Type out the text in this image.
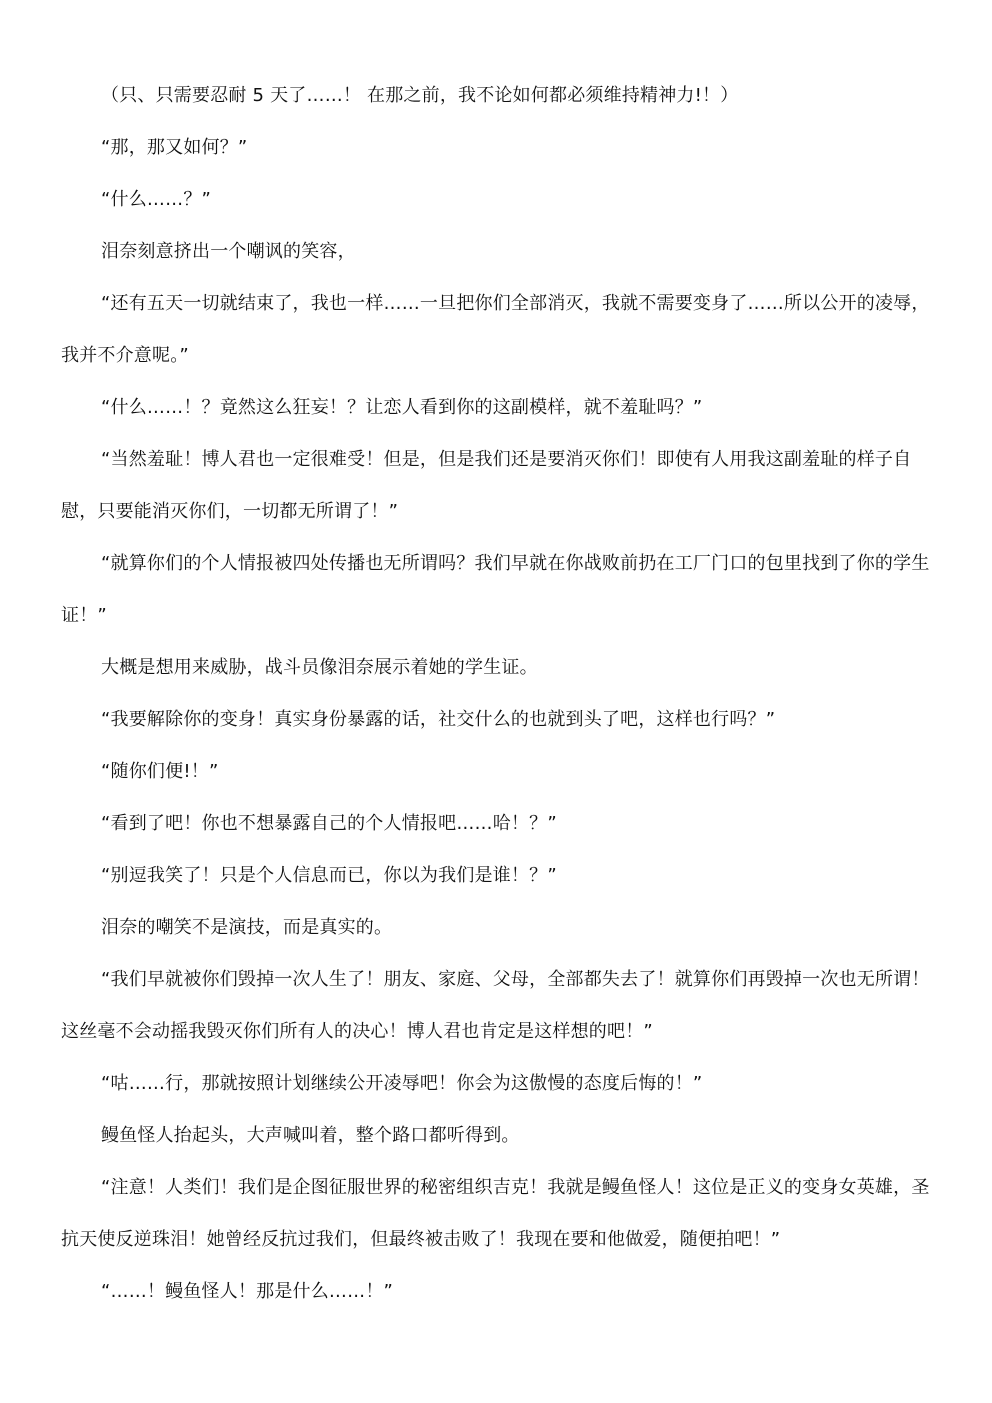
（只、只需要忍耐 5 天了……！ 在那之前，我不论如何都必须维持精神力!！）

“那，那又如何？”

“什么……？”

泪奈刻意挤出一个嘲讽的笑容，

“还有五天一切就结束了，我也一样……一旦把你们全部消灭，我就不需要变身了……所以公开的凌辱，我并不介意呢。”

“什么……！？竟然这么狂妄！？让恋人看到你的这副模样，就不羞耻吗？”

“当然羞耻！博人君也一定很难受！但是，但是我们还是要消灭你们！即使有人用我这副羞耻的样子自慰，只要能消灭你们，一切都无所谓了！”

“就算你们的个人情报被四处传播也无所谓吗？我们早就在你战败前扔在工厂门口的包里找到了你的学生证！”

大概是想用来威胁，战斗员像泪奈展示着她的学生证。

“我要解除你的变身！真实身份暴露的话，社交什么的也就到头了吧，这样也行吗？”

“随你们便!！”

“看到了吧！你也不想暴露自己的个人情报吧……哈！？”

“别逗我笑了！只是个人信息而已，你以为我们是谁！？”

泪奈的嘲笑不是演技，而是真实的。

“我们早就被你们毁掉一次人生了！朋友、家庭、父母，全部都失去了！就算你们再毁掉一次也无所谓！这丝毫不会动摇我毁灭你们所有人的决心！博人君也肯定是这样想的吧！”

“咕……行，那就按照计划继续公开凌辱吧！你会为这傲慢的态度后悔的！”

鳗鱼怪人抬起头，大声喊叫着，整个路口都听得到。

“注意！人类们！我们是企图征服世界的秘密组织吉克！我就是鳗鱼怪人！这位是正义的变身女英雄，圣抗天使反逆珠泪！她曾经反抗过我们，但最终被击败了！我现在要和他做爱，随便拍吧！”

“……！鳗鱼怪人！那是什么……！”
